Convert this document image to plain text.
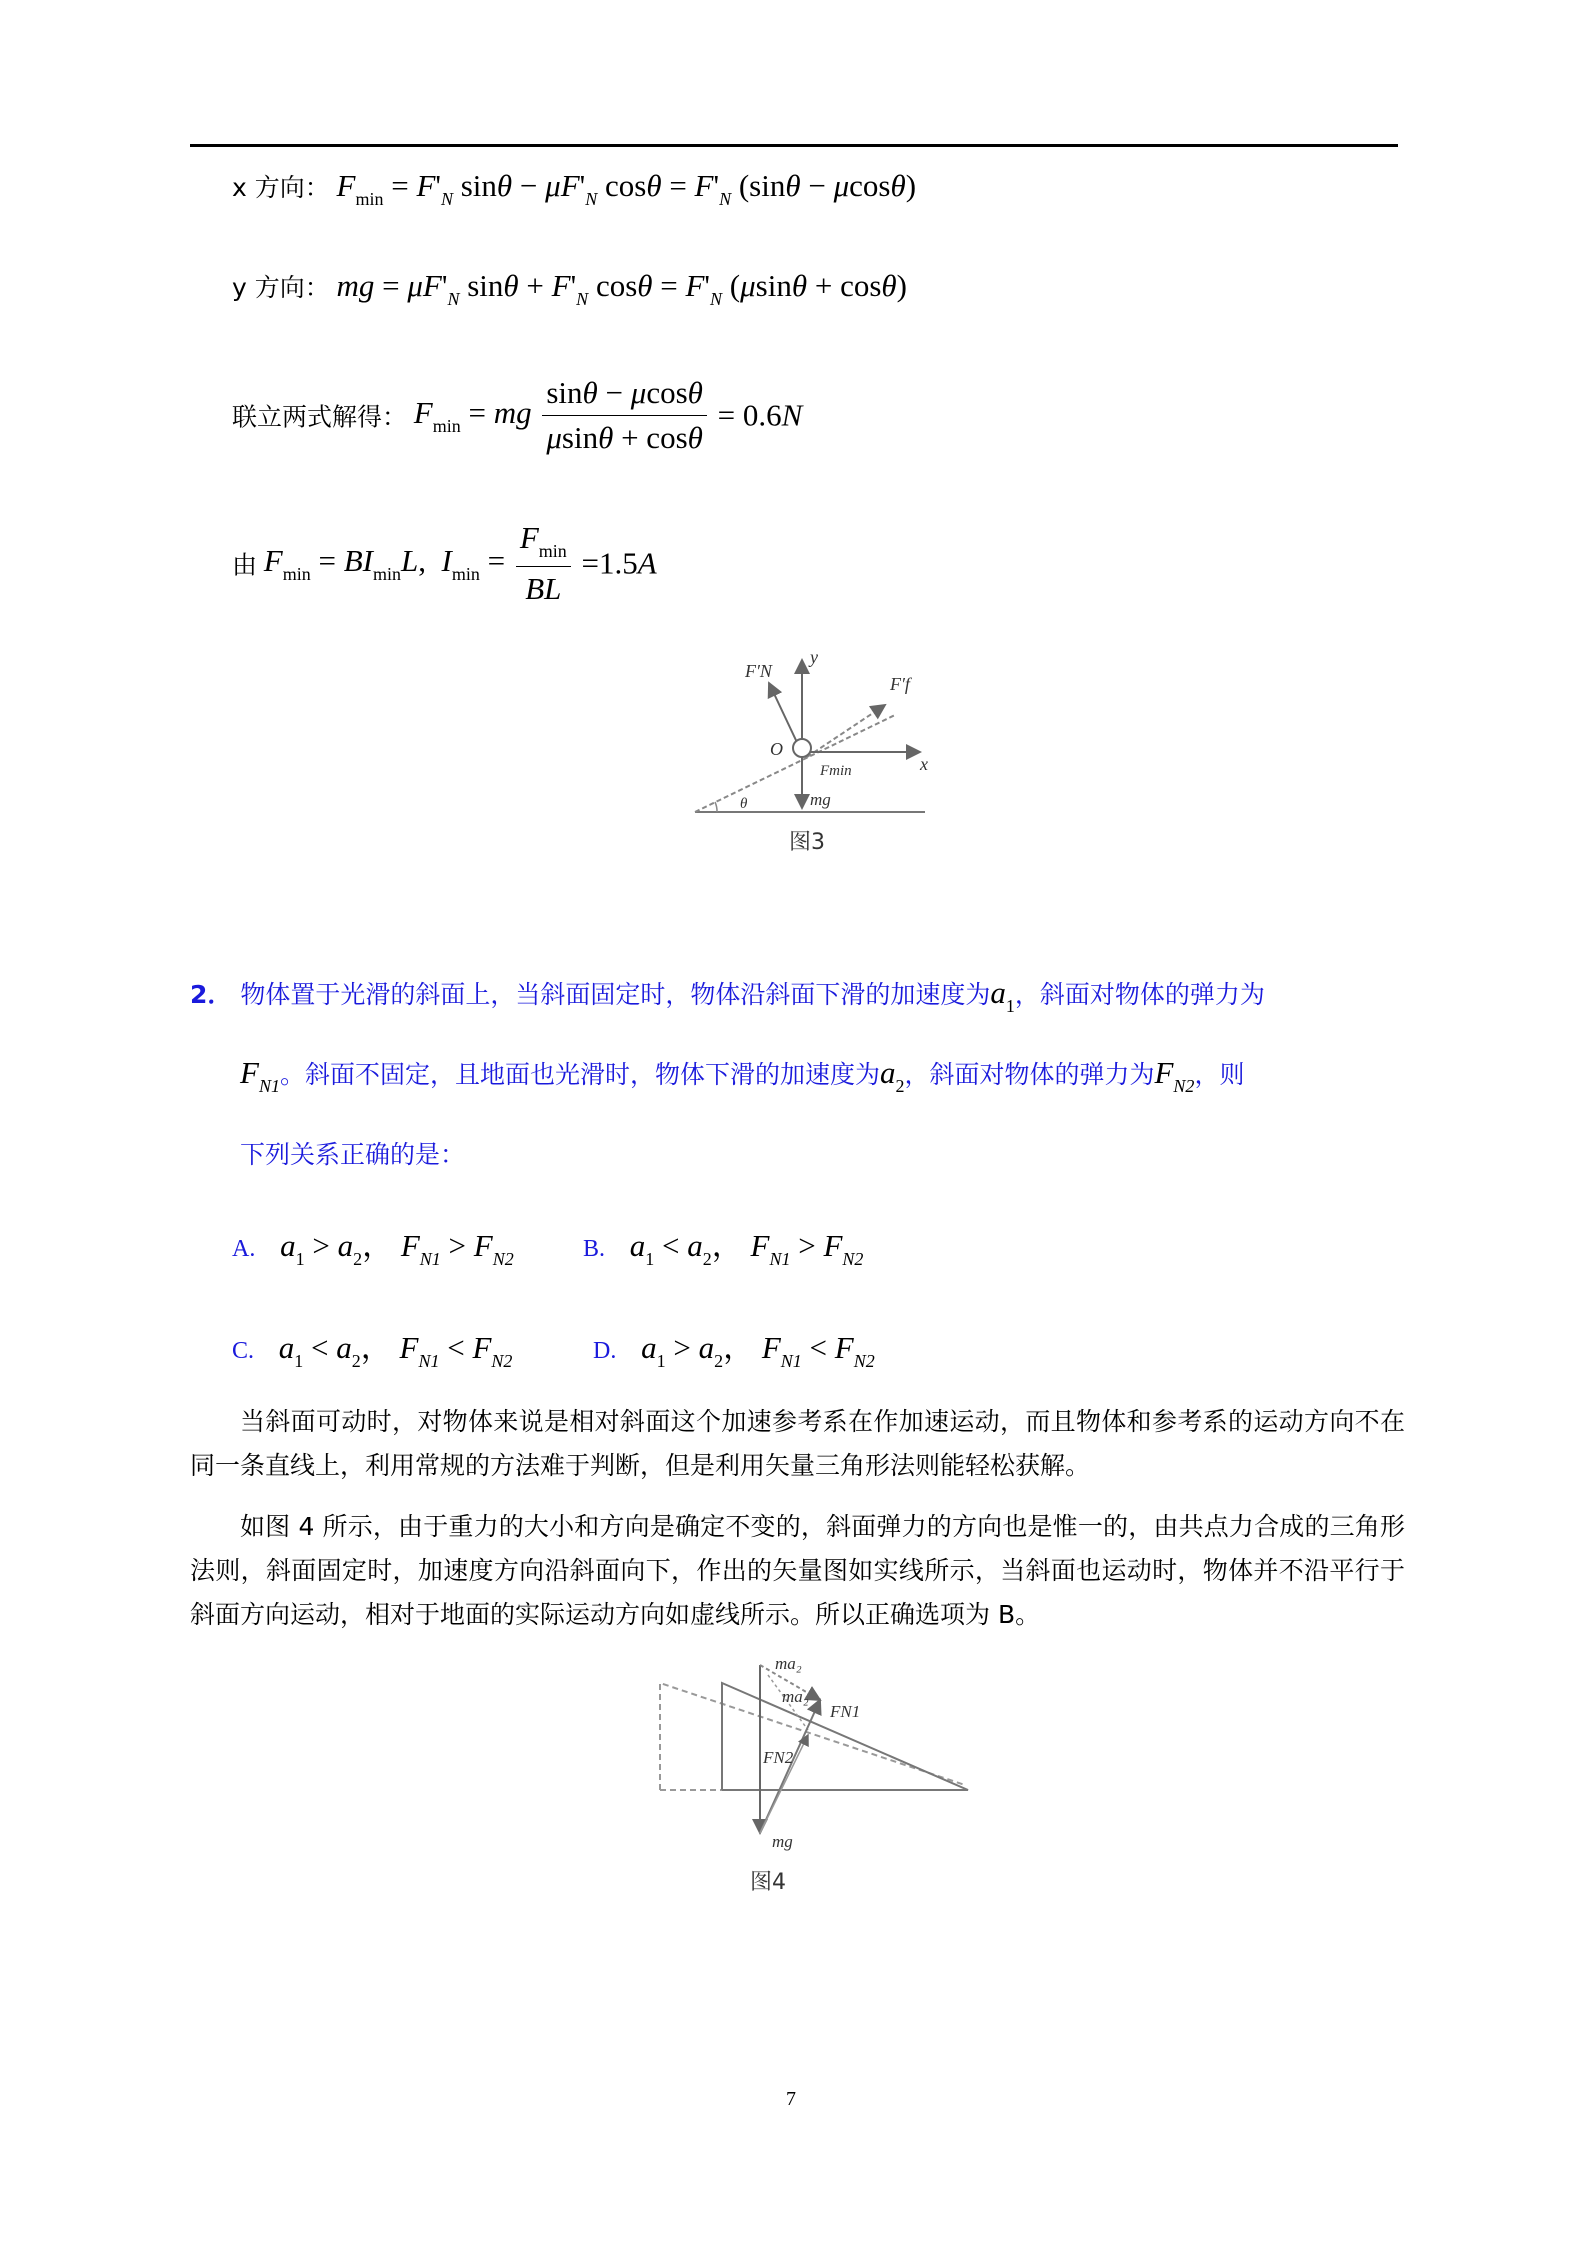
x 方向： $F_{min} = F'_N$ $\sin\theta - \mu F'_N$ $\cos\theta = F'_N$ (sinθ − μcosθ)
y 方向： mg = $\mu F'_N$ $\sin\theta + F'_N$ $\cos\theta = F'_N$ (μsinθ + cosθ)
联立两式解得： $F_{min}$ = mg $\frac{\sin\theta - \mu\cos\theta}{\mu\sin\theta + \cos\theta} = 0.6N$
由 $F_{min} = BI_{min}L$,  $I_{min} = \frac{F_{min}}{BL} =1.5A$
F′N
y
F′f
O
x
Fmin
mg
θ
图3
2． 物体置于光滑的斜面上，当斜面固定时，物体沿斜面下滑的加速度为$a_1$，斜面对物体的弹力为
$F_{N1}$。斜面不固定，且地面也光滑时，物体下滑的加速度为$a_2$，斜面对物体的弹力为$F_{N2}$，则
下列关系正确的是：
A. $a_1 > a_2$， $F_{N1} > F_{N2}$	B. $a_1 < a_2$， $F_{N1} > F_{N2}$
C. $a_1 < a_2$， $F_{N1} < F_{N2}$	D. $a_1 > a_2$， $F_{N1} < F_{N2}$
当斜面可动时，对物体来说是相对斜面这个加速参考系在作加速运动，而且物体和参考系的运动方向不在同一条直线上，利用常规的方法难于判断，但是利用矢量三角形法则能轻松获解。
如图 4 所示，由于重力的大小和方向是确定不变的，斜面弹力的方向也是惟一的，由共点力合成的三角形法则，斜面固定时，加速度方向沿斜面向下，作出的矢量图如实线所示，当斜面也运动时，物体并不沿平行于斜面方向运动，相对于地面的实际运动方向如虚线所示。所以正确选项为 B。
ma₂
ma₂
FN1
FN2
mg
图4
7
